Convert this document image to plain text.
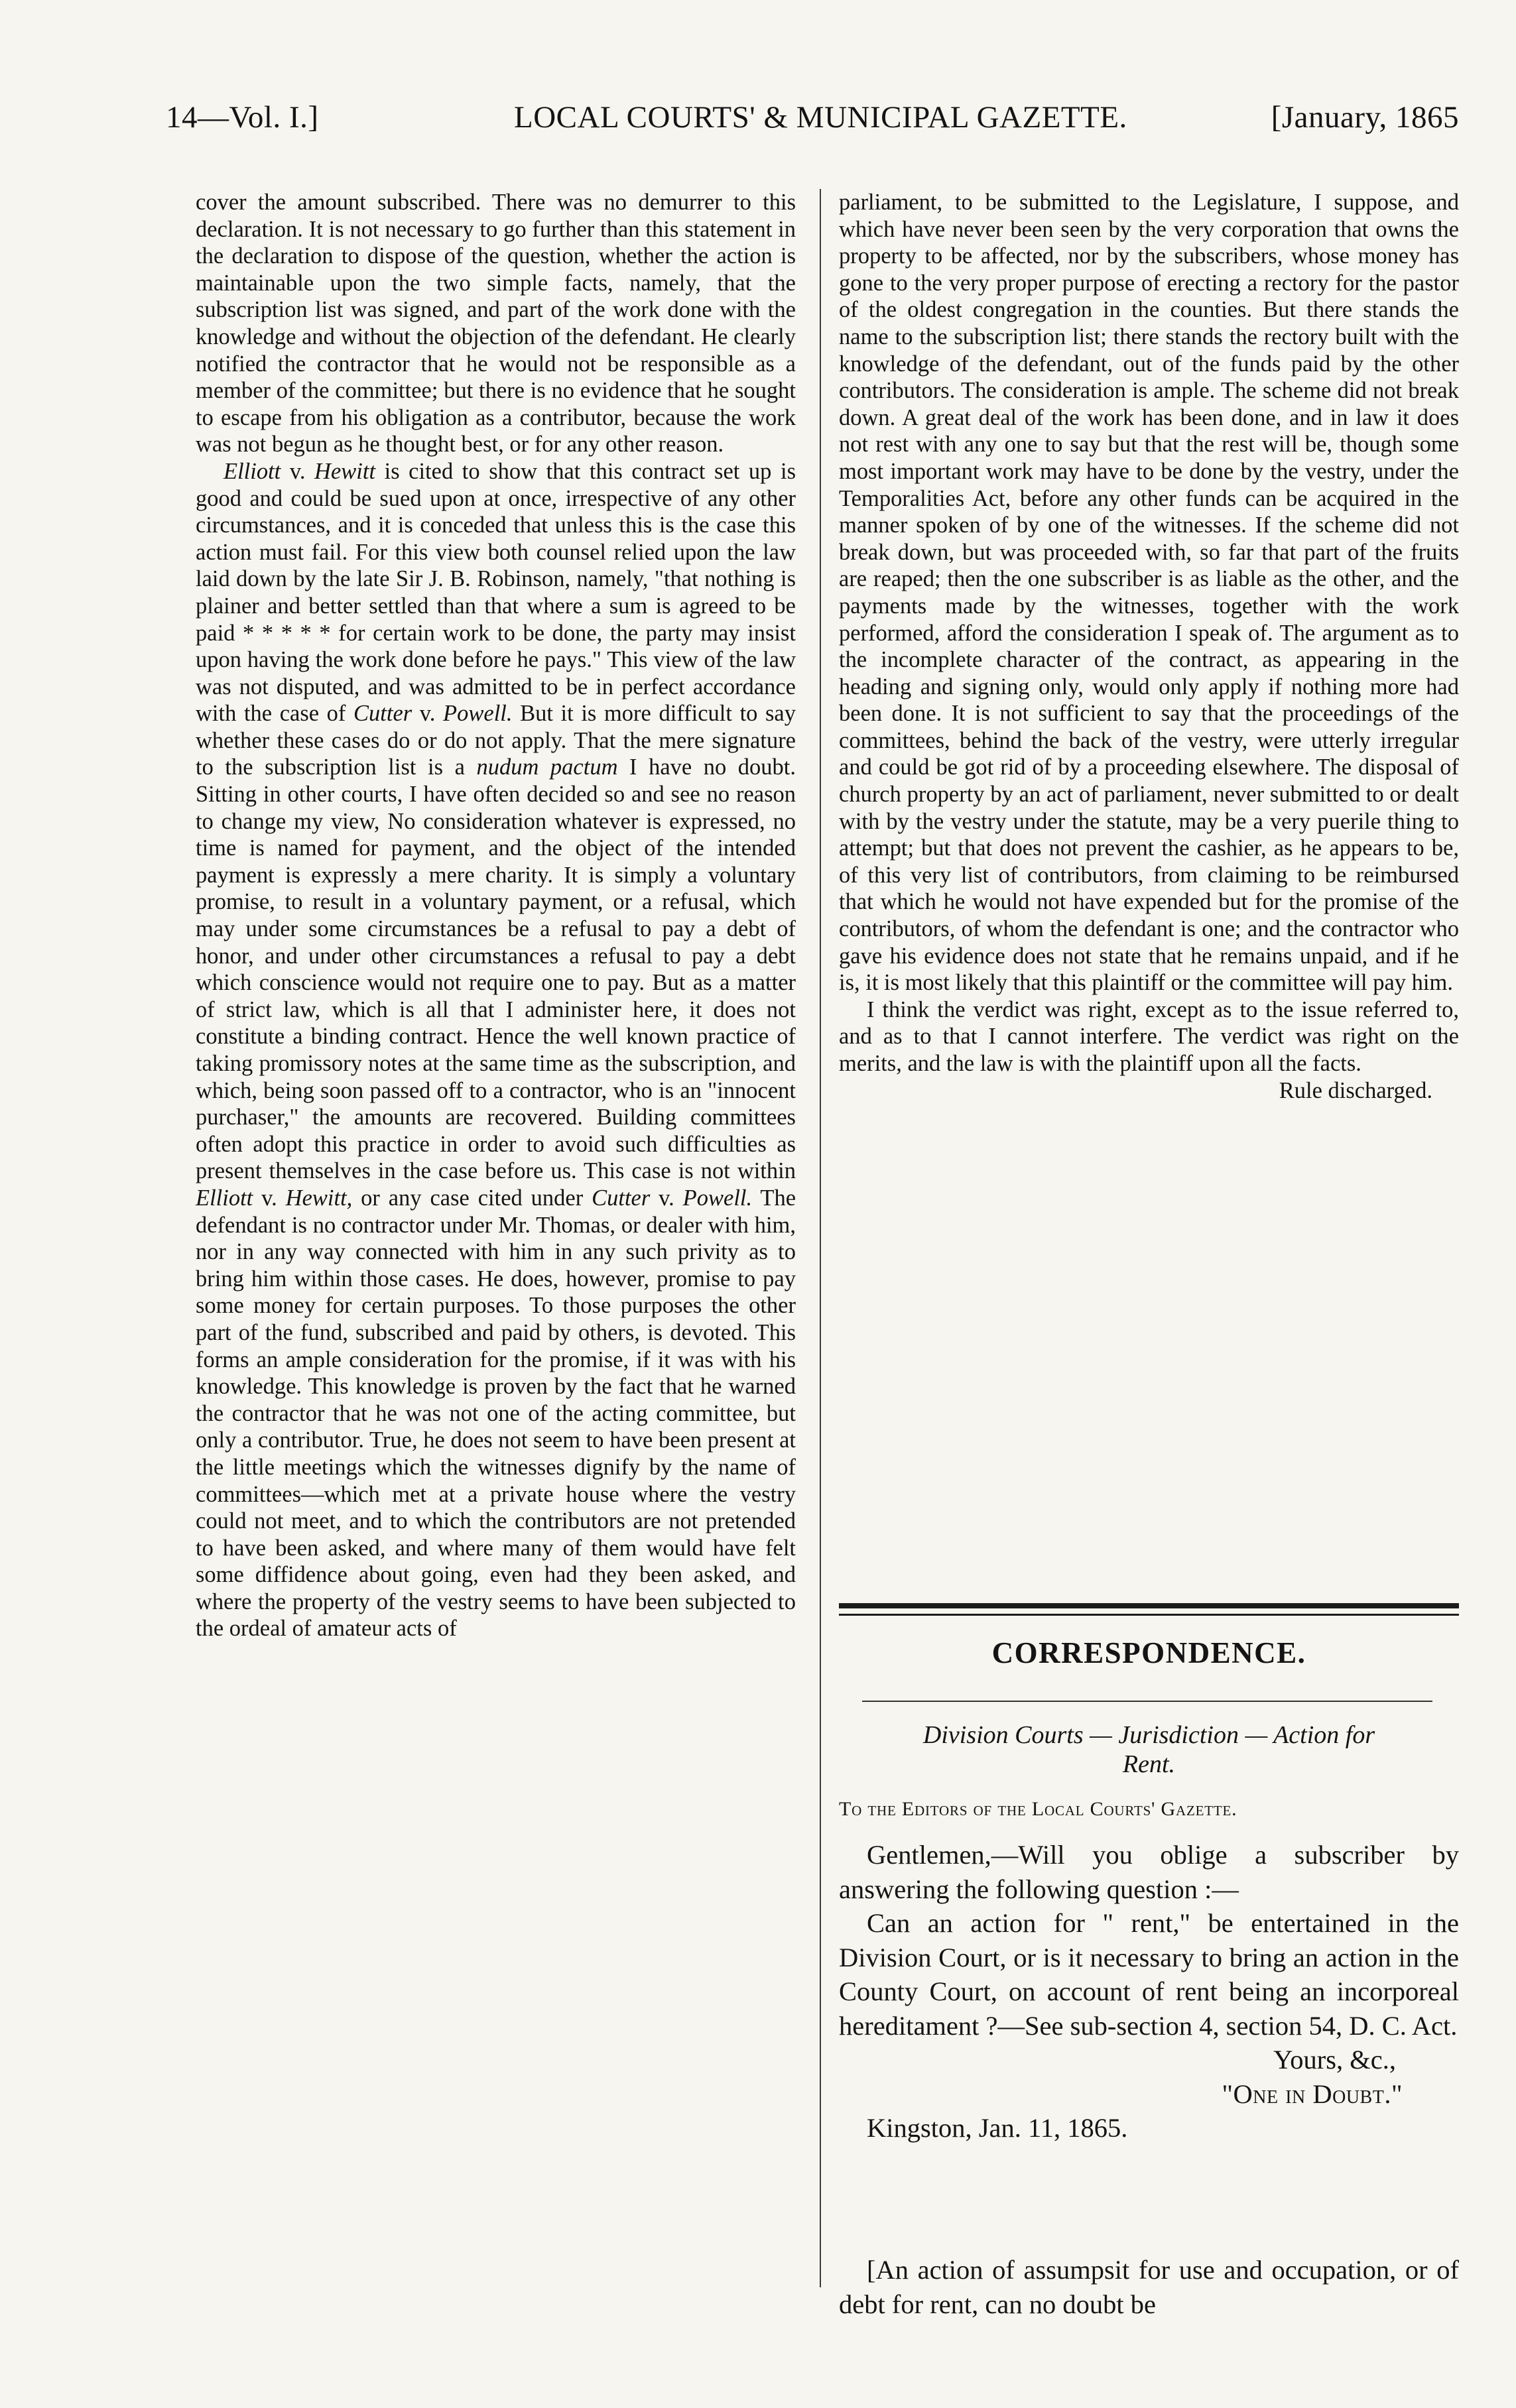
14—Vol. I.]	LOCAL COURTS' & MUNICIPAL GAZETTE.	[January, 1865

cover the amount subscribed. There was no demurrer to this declaration. It is not necessary to go further than this statement in the declaration to dispose of the question, whether the action is maintainable upon the two simple facts, namely, that the subscription list was signed, and part of the work done with the knowledge and without the objection of the defendant. He clearly notified the contractor that he would not be responsible as a member of the committee; but there is no evidence that he sought to escape from his obligation as a contributor, because the work was not begun as he thought best, or for any other reason.

Elliott v. Hewitt is cited to show that this contract set up is good and could be sued upon at once, irrespective of any other circumstances, and it is conceded that unless this is the case this action must fail. For this view both counsel relied upon the law laid down by the late Sir J. B. Robinson, namely, "that nothing is plainer and better settled than that where a sum is agreed to be paid * * * * * for certain work to be done, the party may insist upon having the work done before he pays." This view of the law was not disputed, and was admitted to be in perfect accordance with the case of Cutter v. Powell. But it is more difficult to say whether these cases do or do not apply. That the mere signature to the subscription list is a nudum pactum I have no doubt. Sitting in other courts, I have often decided so and see no reason to change my view, No consideration whatever is expressed, no time is named for payment, and the object of the intended payment is expressly a mere charity. It is simply a voluntary promise, to result in a voluntary payment, or a refusal, which may under some circumstances be a refusal to pay a debt of honor, and under other circumstances a refusal to pay a debt which conscience would not require one to pay. But as a matter of strict law, which is all that I administer here, it does not constitute a binding contract. Hence the well known practice of taking promissory notes at the same time as the subscription, and which, being soon passed off to a contractor, who is an "innocent purchaser," the amounts are recovered. Building committees often adopt this practice in order to avoid such difficulties as present themselves in the case before us. This case is not within Elliott v. Hewitt, or any case cited under Cutter v. Powell. The defendant is no contractor under Mr. Thomas, or dealer with him, nor in any way connected with him in any such privity as to bring him within those cases. He does, however, promise to pay some money for certain purposes. To those purposes the other part of the fund, subscribed and paid by others, is devoted. This forms an ample consideration for the promise, if it was with his knowledge. This knowledge is proven by the fact that he warned the contractor that he was not one of the acting committee, but only a contributor. True, he does not seem to have been present at the little meetings which the witnesses dignify by the name of committees—which met at a private house where the vestry could not meet, and to which the contributors are not pretended to have been asked, and where many of them would have felt some diffidence about going, even had they been asked, and where the property of the vestry seems to have been subjected to the ordeal of amateur acts of

parliament, to be submitted to the Legislature, I suppose, and which have never been seen by the very corporation that owns the property to be affected, nor by the subscribers, whose money has gone to the very proper purpose of erecting a rectory for the pastor of the oldest congregation in the counties. But there stands the name to the subscription list; there stands the rectory built with the knowledge of the defendant, out of the funds paid by the other contributors. The consideration is ample. The scheme did not break down. A great deal of the work has been done, and in law it does not rest with any one to say but that the rest will be, though some most important work may have to be done by the vestry, under the Temporalities Act, before any other funds can be acquired in the manner spoken of by one of the witnesses. If the scheme did not break down, but was proceeded with, so far that part of the fruits are reaped; then the one subscriber is as liable as the other, and the payments made by the witnesses, together with the work performed, afford the consideration I speak of. The argument as to the incomplete character of the contract, as appearing in the heading and signing only, would only apply if nothing more had been done. It is not sufficient to say that the proceedings of the committees, behind the back of the vestry, were utterly irregular and could be got rid of by a proceeding elsewhere. The disposal of church property by an act of parliament, never submitted to or dealt with by the vestry under the statute, may be a very puerile thing to attempt; but that does not prevent the cashier, as he appears to be, of this very list of contributors, from claiming to be reimbursed that which he would not have expended but for the promise of the contributors, of whom the defendant is one; and the contractor who gave his evidence does not state that he remains unpaid, and if he is, it is most likely that this plaintiff or the committee will pay him.

I think the verdict was right, except as to the issue referred to, and as to that I cannot interfere. The verdict was right on the merits, and the law is with the plaintiff upon all the facts.

Rule discharged.

CORRESPONDENCE.
Division Courts — Jurisdiction — Action for
Rent.
To the Editors of the Local Courts' Gazette.

Gentlemen,—Will you oblige a subscriber by answering the following question :—

Can an action for " rent," be entertained in the Division Court, or is it necessary to bring an action in the County Court, on account of rent being an incorporeal hereditament ?—See sub-section 4, section 54, D. C. Act.

Yours, &c.,

"One in Doubt."

Kingston, Jan. 11, 1865.

[An action of assumpsit for use and occupation, or of debt for rent, can no doubt be
